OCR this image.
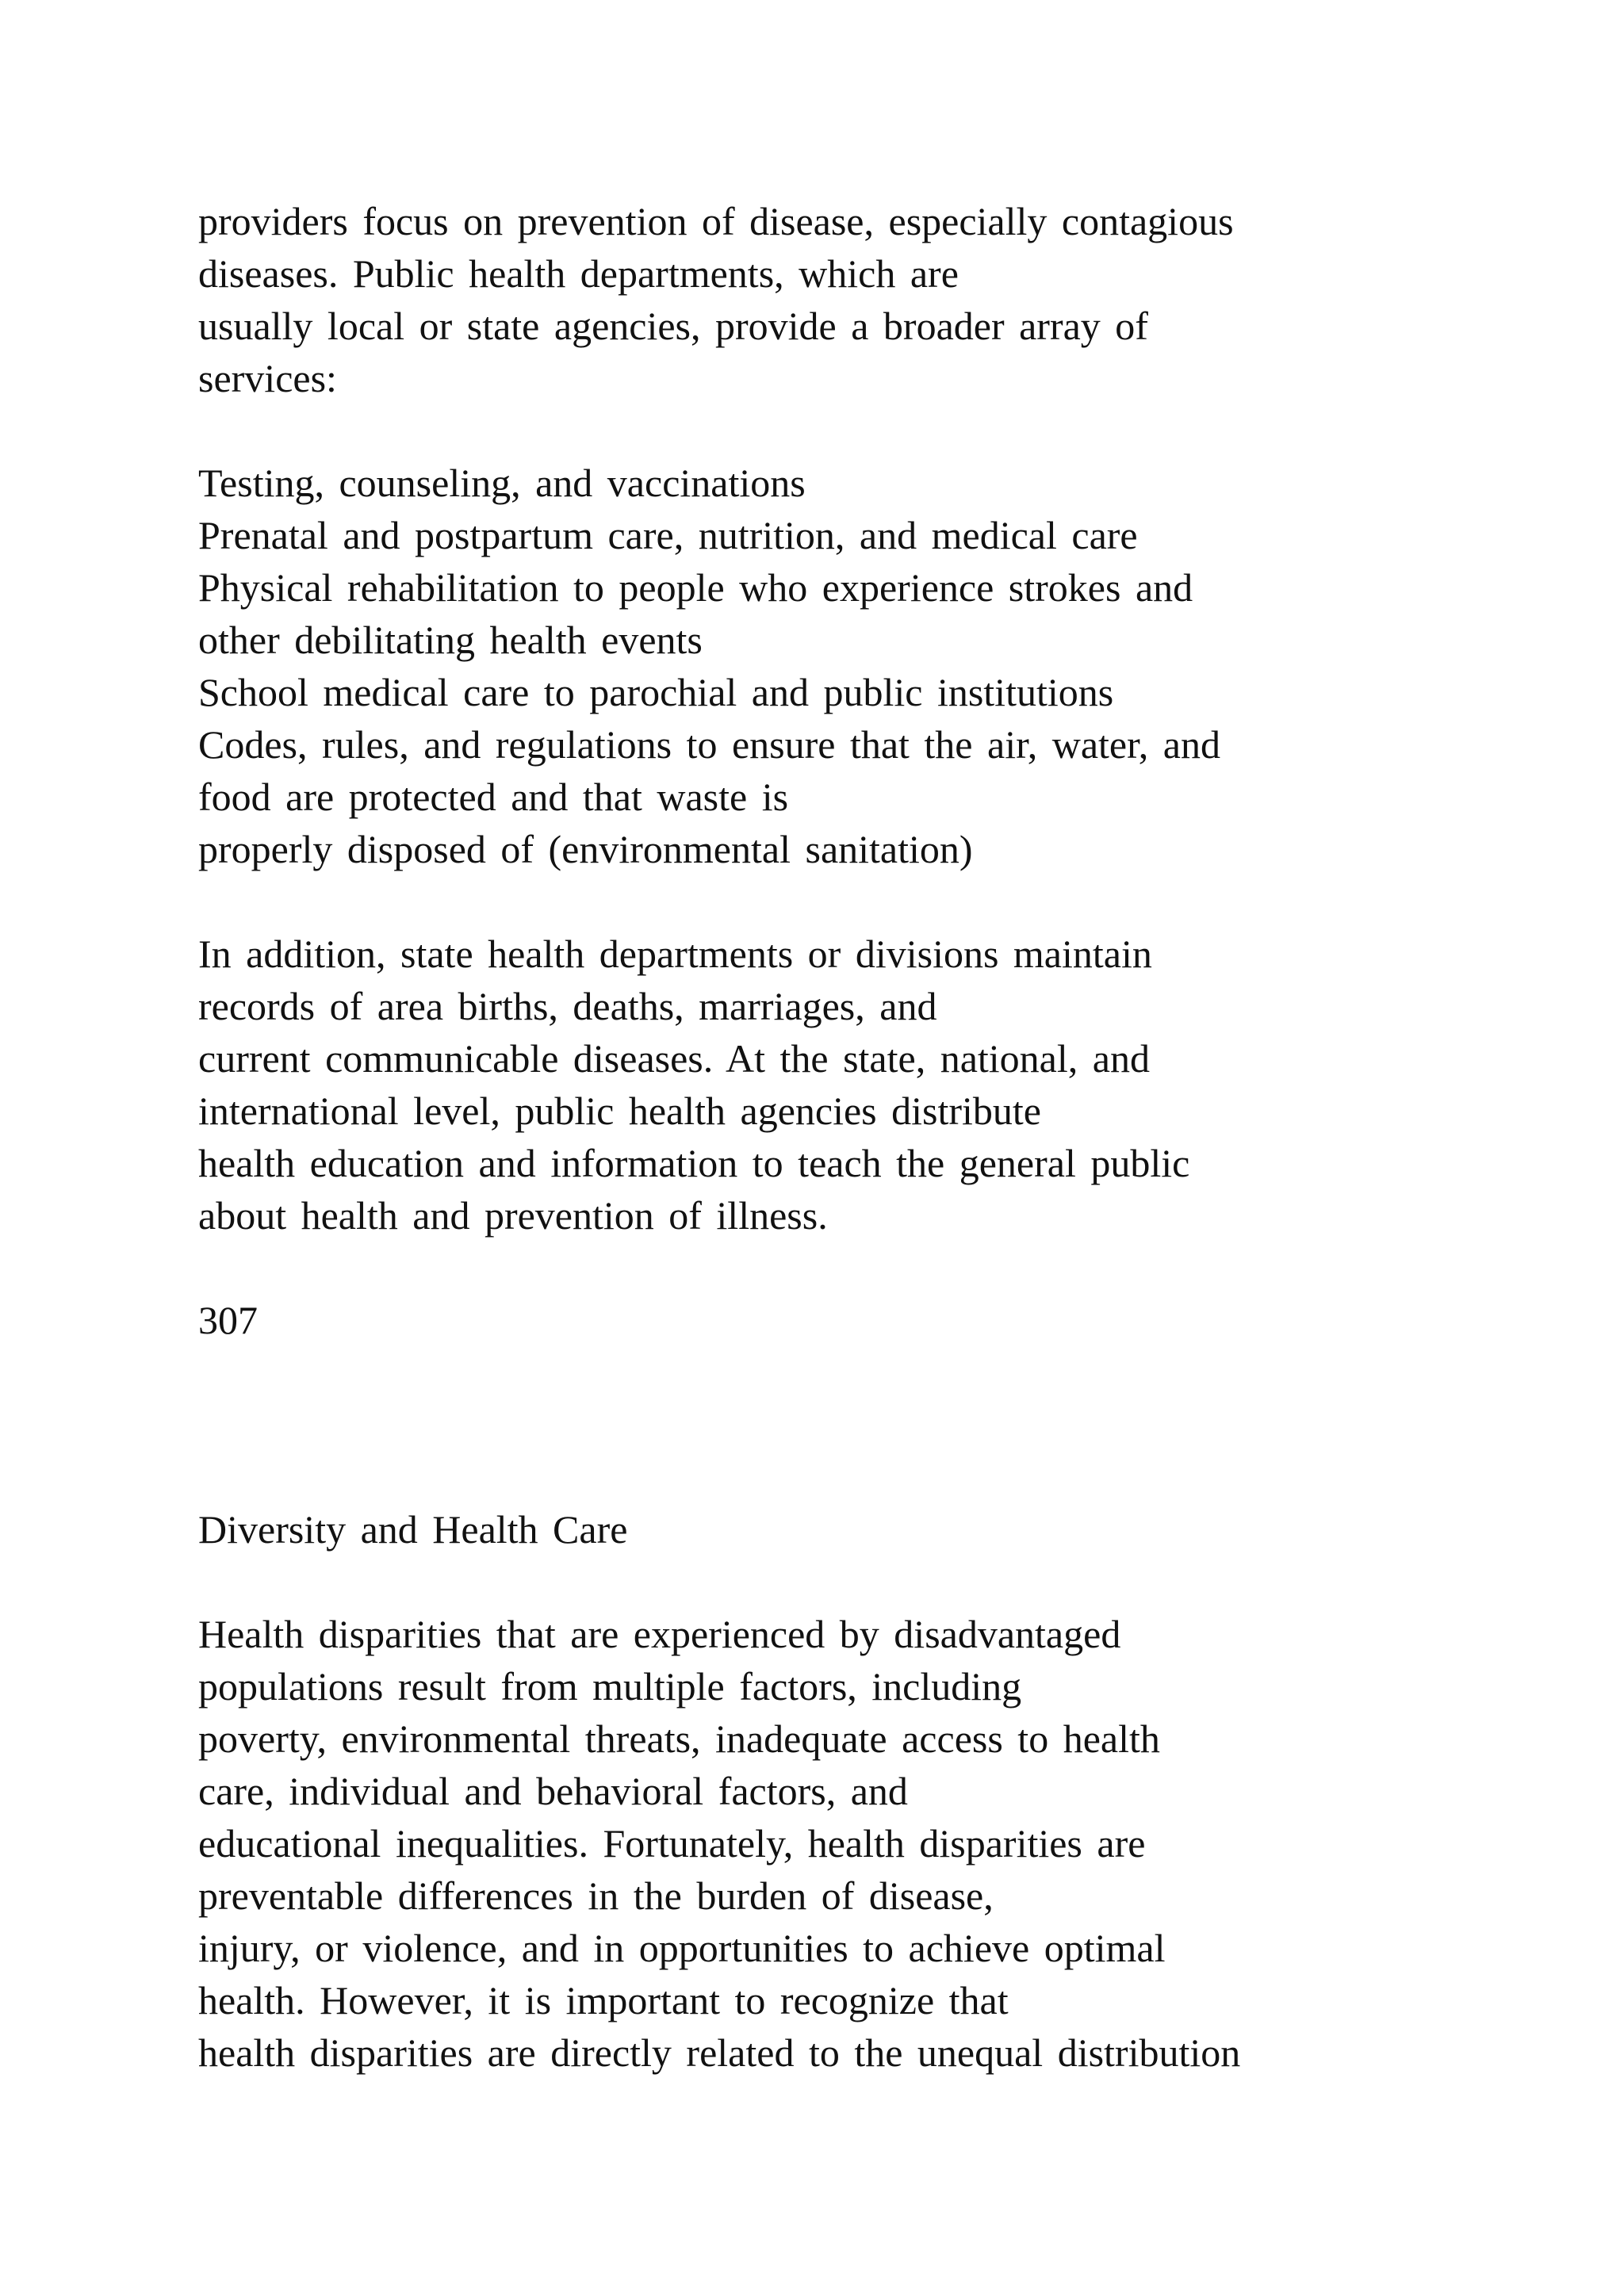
providers focus on prevention of disease, especially contagious
diseases. Public health departments, which are
usually local or state agencies, provide a broader array of
services:
Testing, counseling, and vaccinations
Prenatal and postpartum care, nutrition, and medical care
Physical rehabilitation to people who experience strokes and
other debilitating health events
School medical care to parochial and public institutions
Codes, rules, and regulations to ensure that the air, water, and
food are protected and that waste is
properly disposed of (environmental sanitation)
In addition, state health departments or divisions maintain
records of area births, deaths, marriages, and
current communicable diseases. At the state, national, and
international level, public health agencies distribute
health education and information to teach the general public
about health and prevention of illness.
307
Diversity and Health Care
Health disparities that are experienced by disadvantaged
populations result from multiple factors, including
poverty, environmental threats, inadequate access to health
care, individual and behavioral factors, and
educational inequalities. Fortunately, health disparities are
preventable differences in the burden of disease,
injury, or violence, and in opportunities to achieve optimal
health. However, it is important to recognize that
health disparities are directly related to the unequal distribution
